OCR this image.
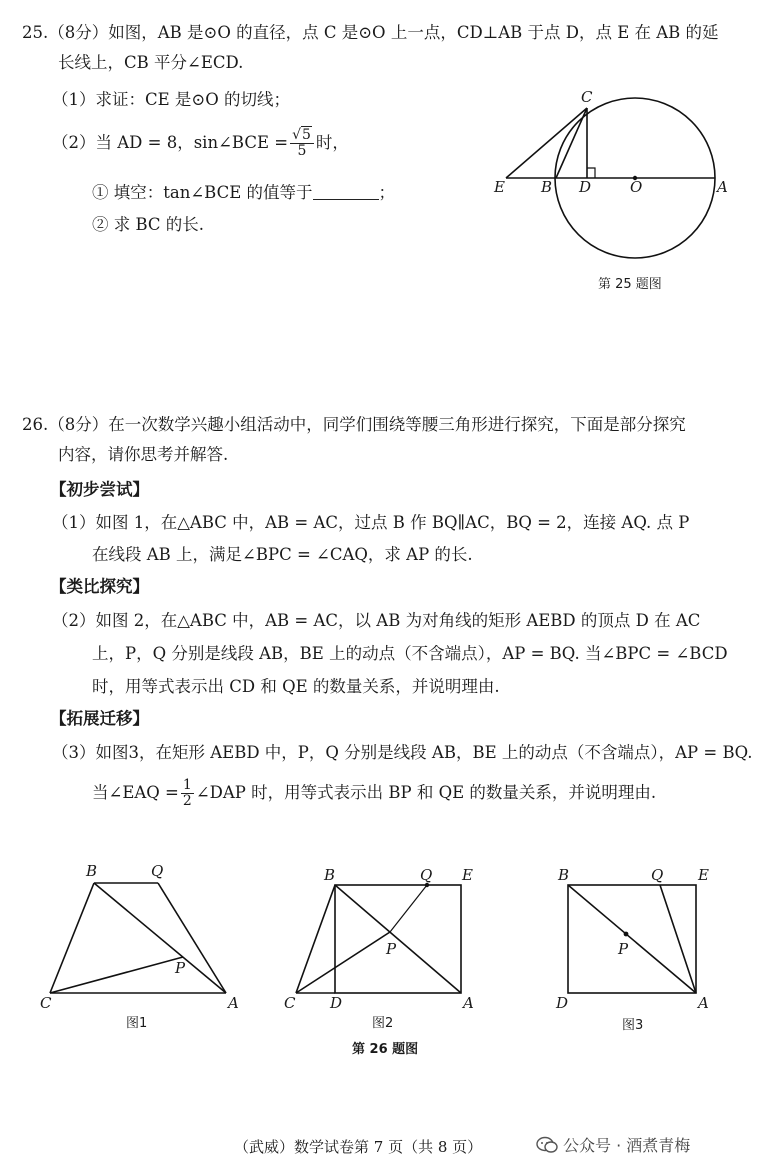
25.（8分）如图，AB 是⊙O 的直径，点 C 是⊙O 上一点，CD⊥AB 于点 D，点 E 在 AB 的延
长线上，CB 平分∠ECD.
（1）求证：CE 是⊙O 的切线；
（2）当 AD = 8，sin∠BCE = $\frac{√5}{5}$ 时，
① 填空：tan∠BCE 的值等于	；
② 求 BC 的长.
C
E B D	O	A
第 25 题图
26.（8分）在一次数学兴趣小组活动中，同学们围绕等腰三角形进行探究，下面是部分探究
内容，请你思考并解答.
【初步尝试】
（1）如图 1，在△ABC 中，AB = AC，过点 B 作 BQ∥AC，BQ = 2，连接 AQ. 点 P
在线段 AB 上，满足∠BPC = ∠CAQ，求 AP 的长.
【类比探究】
（2）如图 2，在△ABC 中，AB = AC，以 AB 为对角线的矩形 AEBD 的顶点 D 在 AC
上，P，Q 分别是线段 AB，BE 上的动点（不含端点），AP = BQ. 当∠BPC = ∠BCD
时，用等式表示出 CD 和 QE 的数量关系，并说明理由.
【拓展迁移】
（3）如图3，在矩形 AEBD 中，P，Q 分别是线段 AB，BE 上的动点（不含端点），AP = BQ.
当∠EAQ = $\frac{1}{2}$ ∠DAP 时，用等式表示出 BP 和 QE 的数量关系，并说明理由.
B	Q
P
C	A
图1
B	Q E
P
C D	A
图2
B	Q E
P
D	A
图3
第 26 题图
（武威）数学试卷第 7 页（共 8 页）	公众号 · 酒煮青梅
